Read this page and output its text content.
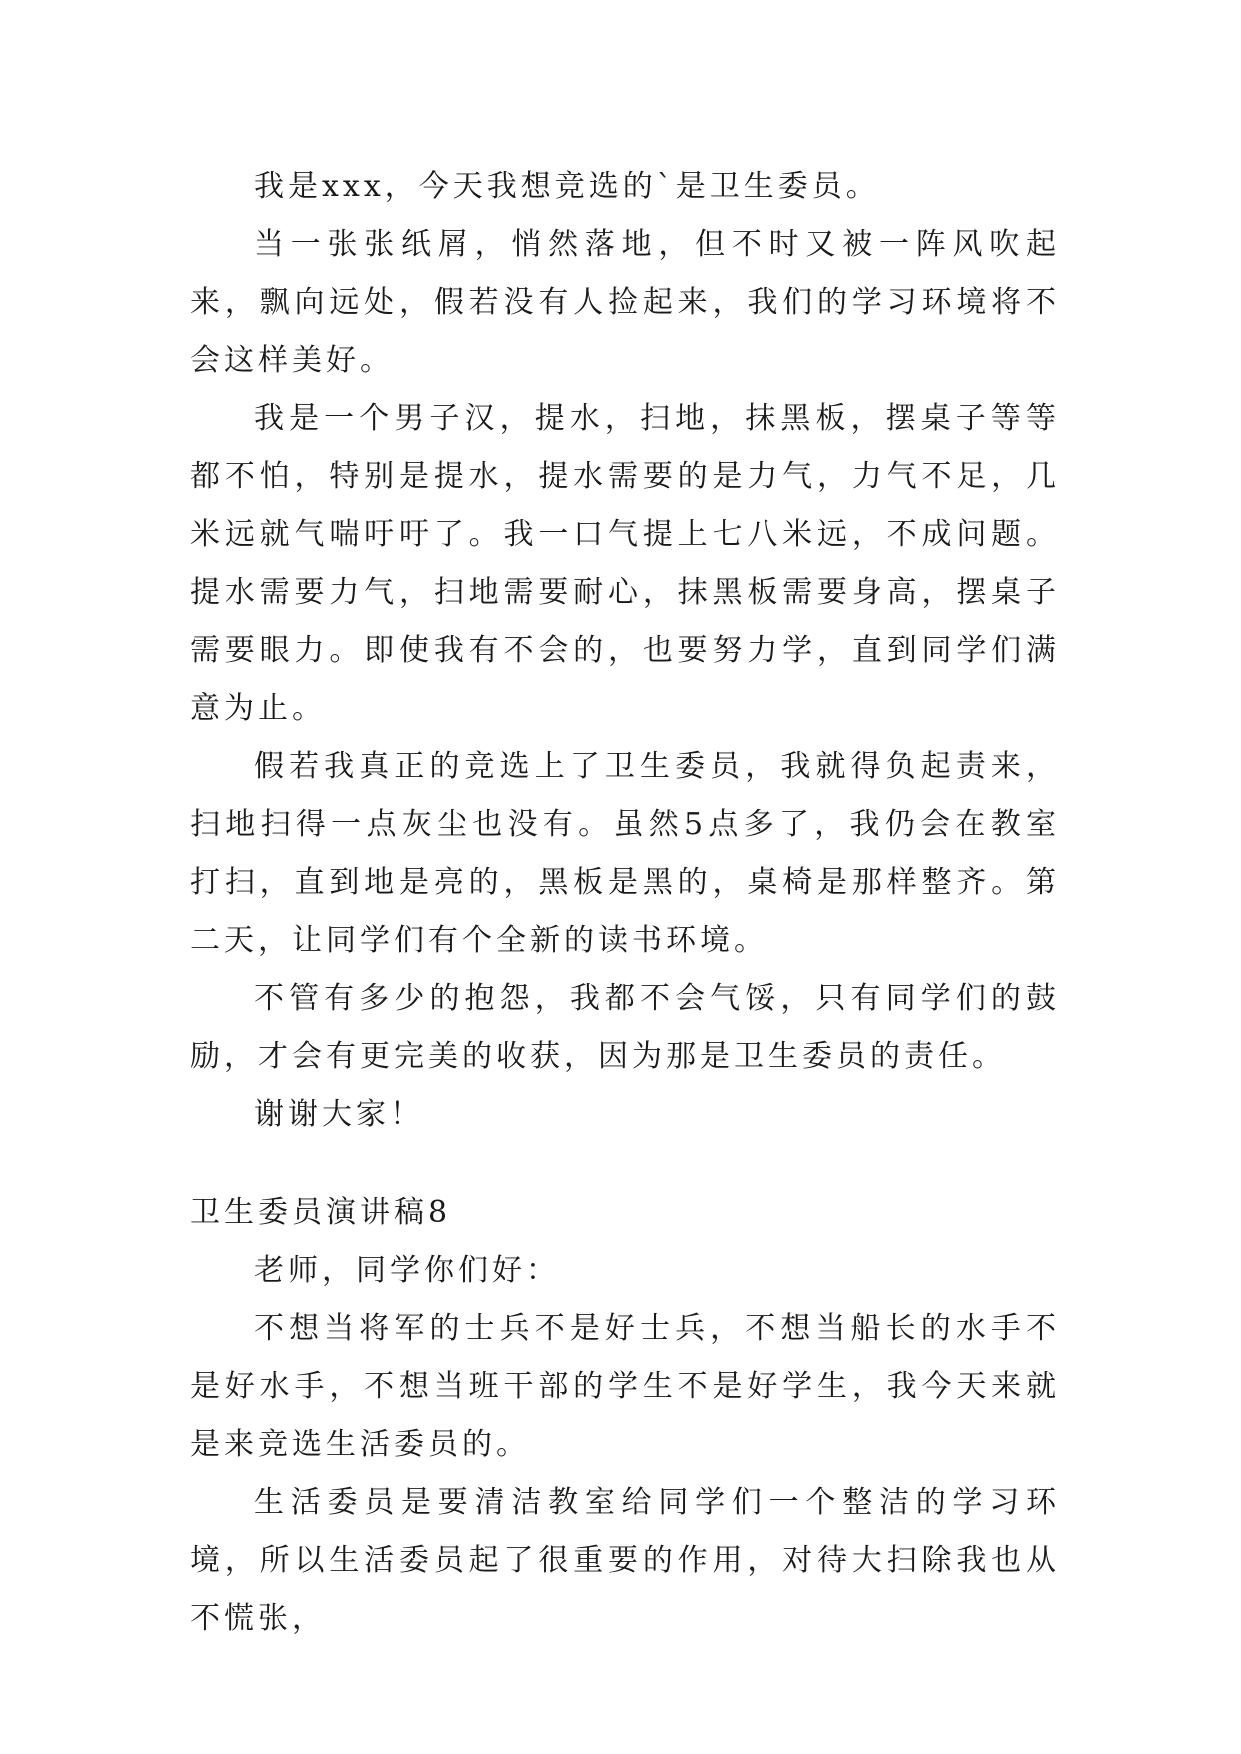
我是xxx，今天我想竞选的`是卫生委员。

当一张张纸屑，悄然落地，但不时又被一阵风吹起来，飘向远处，假若没有人捡起来，我们的学习环境将不会这样美好。

我是一个男子汉，提水，扫地，抹黑板，摆桌子等等都不怕，特别是提水，提水需要的是力气，力气不足，几米远就气喘吁吁了。我一口气提上七八米远，不成问题。提水需要力气，扫地需要耐心，抹黑板需要身高，摆桌子需要眼力。即使我有不会的，也要努力学，直到同学们满意为止。

假若我真正的竞选上了卫生委员，我就得负起责来，扫地扫得一点灰尘也没有。虽然5点多了，我仍会在教室打扫，直到地是亮的，黑板是黑的，桌椅是那样整齐。第二天，让同学们有个全新的读书环境。

不管有多少的抱怨，我都不会气馁，只有同学们的鼓励，才会有更完美的收获，因为那是卫生委员的责任。

谢谢大家！

卫生委员演讲稿8

老师，同学你们好：

不想当将军的士兵不是好士兵，不想当船长的水手不是好水手，不想当班干部的学生不是好学生，我今天来就是来竞选生活委员的。

生活委员是要清洁教室给同学们一个整洁的学习环境，所以生活委员起了很重要的作用，对待大扫除我也从不慌张，
